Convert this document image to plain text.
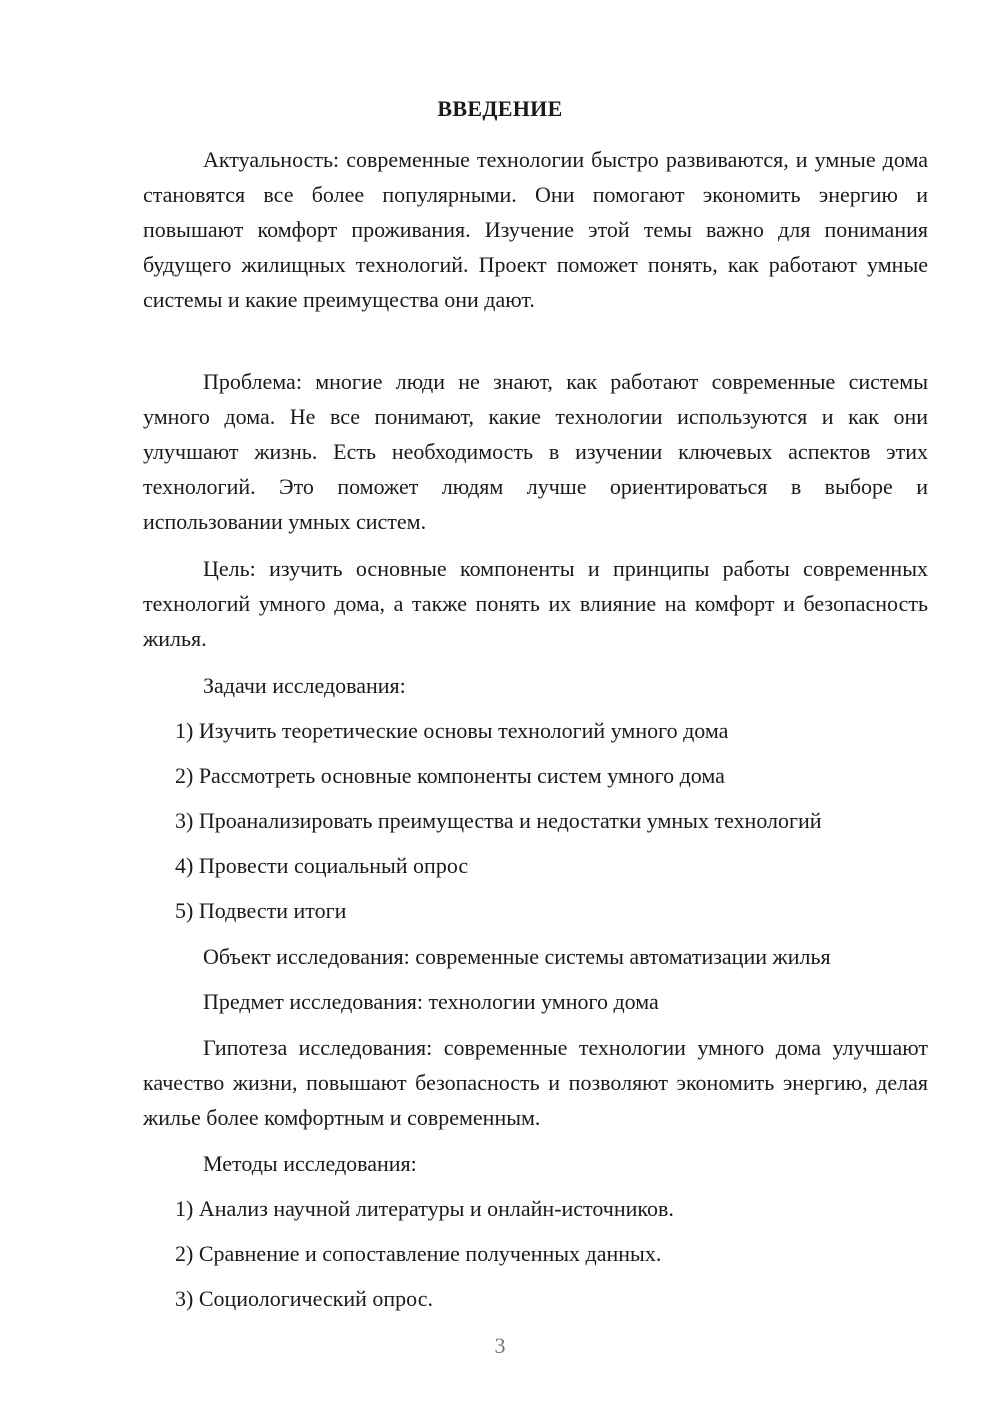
ВВЕДЕНИЕ

Актуальность: современные технологии быстро развиваются, и умные дома становятся все более популярными. Они помогают экономить энергию и повышают комфорт проживания. Изучение этой темы важно для понимания будущего жилищных технологий. Проект поможет понять, как работают умные системы и какие преимущества они дают.

Проблема: многие люди не знают, как работают современные системы умного дома. Не все понимают, какие технологии используются и как они улучшают жизнь. Есть необходимость в изучении ключевых аспектов этих технологий. Это поможет людям лучше ориентироваться в выборе и использовании умных систем.

Цель: изучить основные компоненты и принципы работы современных технологий умного дома, а также понять их влияние на комфорт и безопасность жилья.

Задачи исследования:

1) Изучить теоретические основы технологий умного дома

2) Рассмотреть основные компоненты систем умного дома

3) Проанализировать преимущества и недостатки умных технологий

4) Провести социальный опрос

5) Подвести итоги

Объект исследования: современные системы автоматизации жилья

Предмет исследования: технологии умного дома

Гипотеза исследования: современные технологии умного дома улучшают качество жизни, повышают безопасность и позволяют экономить энергию, делая жилье более комфортным и современным.

Методы исследования:

1) Анализ научной литературы и онлайн-источников.

2) Сравнение и сопоставление полученных данных.

3) Социологический опрос.

3
